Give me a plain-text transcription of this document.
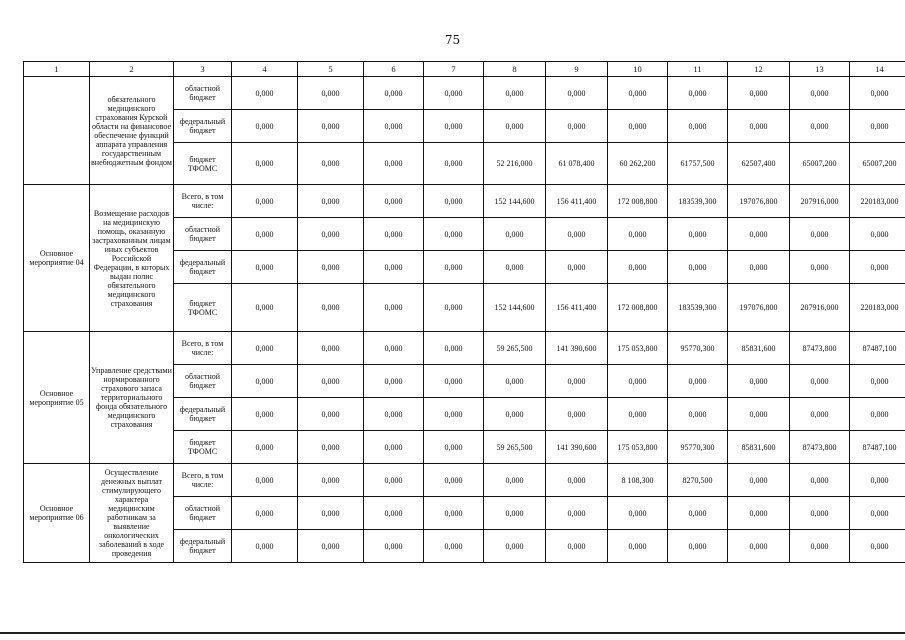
75
1	2	3	4	5	6	7	8	9	10	11	12	13	14
	обязательного медицинского страхования Курской области на финансовое обеспечение функций аппарата управления государственным внебюджетным фондом	областной бюджет	0,000	0,000	0,000	0,000	0,000	0,000	0,000	0,000	0,000	0,000	0,000
		федеральный бюджет	0,000	0,000	0,000	0,000	0,000	0,000	0,000	0,000	0,000	0,000	0,000
		бюджет ТФОМС	0,000	0,000	0,000	0,000	52 216,000	61 078,400	60 262,200	61757,500	62507,400	65007,200	65007,200
Основное мероприятие 04	Возмещение расходов на медицинскую помощь, оказанную застрахованным лицам иных субъектов Российской Федерации, в которых выдан полис обязательного медицинского страхования	Всего, в том числе:	0,000	0,000	0,000	0,000	152 144,600	156 411,400	172 008,800	183539,300	197076,800	207916,000	220183,000
		областной бюджет	0,000	0,000	0,000	0,000	0,000	0,000	0,000	0,000	0,000	0,000	0,000
		федеральный бюджет	0,000	0,000	0,000	0,000	0,000	0,000	0,000	0,000	0,000	0,000	0,000
		бюджет ТФОМС	0,000	0,000	0,000	0,000	152 144,600	156 411,400	172 008,800	183539,300	197076,800	207916,000	220183,000
Основное мероприятие 05	Управление средствами нормированного страхового запаса территориального фонда обязательного медицинского страхования	Всего, в том числе:	0,000	0,000	0,000	0,000	59 265,500	141 390,600	175 053,800	95770,300	85831,600	87473,800	87487,100
		областной бюджет	0,000	0,000	0,000	0,000	0,000	0,000	0,000	0,000	0,000	0,000	0,000
		федеральный бюджет	0,000	0,000	0,000	0,000	0,000	0,000	0,000	0,000	0,000	0,000	0,000
		бюджет ТФОМС	0,000	0,000	0,000	0,000	59 265,500	141 390,600	175 053,800	95770,300	85831,600	87473,800	87487,100
Основное мероприятие 06	Осуществление денежных выплат стимулирующего характера медицинским работникам за выявление онкологических заболеваний в ходе проведения	Всего, в том числе:	0,000	0,000	0,000	0,000	0,000	0,000	8 108,300	8270,500	0,000	0,000	0,000
		областной бюджет	0,000	0,000	0,000	0,000	0,000	0,000	0,000	0,000	0,000	0,000	0,000
		федеральный бюджет	0,000	0,000	0,000	0,000	0,000	0,000	0,000	0,000	0,000	0,000	0,000
